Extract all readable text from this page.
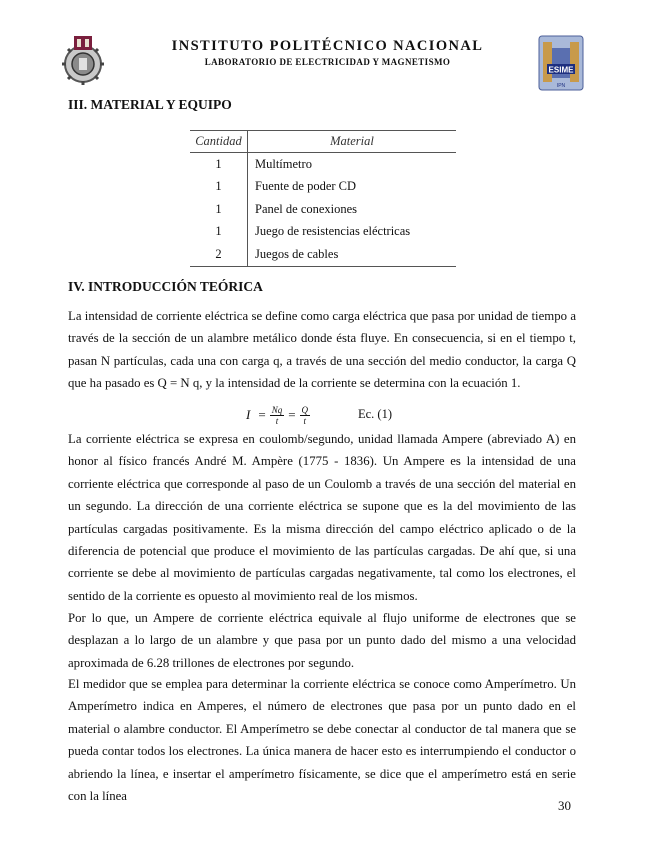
ESIME
IPN
INSTITUTO POLITÉCNICO NACIONAL
LABORATORIO DE ELECTRICIDAD Y MAGNETISMO
III. MATERIAL Y EQUIPO
Cantidad	Material
1	Multímetro
1	Fuente de poder CD
1	Panel de conexiones
1	Juego de resistencias eléctricas
2	Juegos de cables
IV. INTRODUCCIÓN TEÓRICA
La intensidad de corriente eléctrica se define como carga eléctrica que pasa por unidad de tiempo a través de la sección de un alambre metálico donde ésta fluye. En consecuencia, si en el tiempo t, pasan N partículas, cada una con carga q, a través de una sección del medio conductor, la carga Q que ha pasado es Q = N q, y la intensidad de la corriente se determina con la ecuación 1.
$I = \frac{Nq}{t} = \frac{Q}{t}$	Ec. (1)
La corriente eléctrica se expresa en coulomb/segundo, unidad llamada Ampere (abreviado A) en honor al físico francés André M. Ampère (1775 - 1836). Un Ampere es la intensidad de una corriente eléctrica que corresponde al paso de un Coulomb a través de una sección del material en un segundo. La dirección de una corriente eléctrica se supone que es la del movimiento de las partículas cargadas positivamente. Es la misma dirección del campo eléctrico aplicado o de la diferencia de potencial que produce el movimiento de las partículas cargadas. De ahí que, si una corriente se debe al movimiento de partículas cargadas negativamente, tal como los electrones, el sentido de la corriente es opuesto al movimiento real de los mismos.
Por lo que, un Ampere de corriente eléctrica equivale al flujo uniforme de electrones que se desplazan a lo largo de un alambre y que pasa por un punto dado del mismo a una velocidad aproximada de 6.28 trillones de electrones por segundo.
El medidor que se emplea para determinar la corriente eléctrica se conoce como Amperímetro. Un Amperímetro indica en Amperes, el número de electrones que pasa por un punto dado en el material o alambre conductor. El Amperímetro se debe conectar al conductor de tal manera que se pueda contar todos los electrones. La única manera de hacer esto es interrumpiendo el conductor o abriendo la línea, e insertar el amperímetro físicamente, se dice que el amperímetro está en serie con la línea
30
